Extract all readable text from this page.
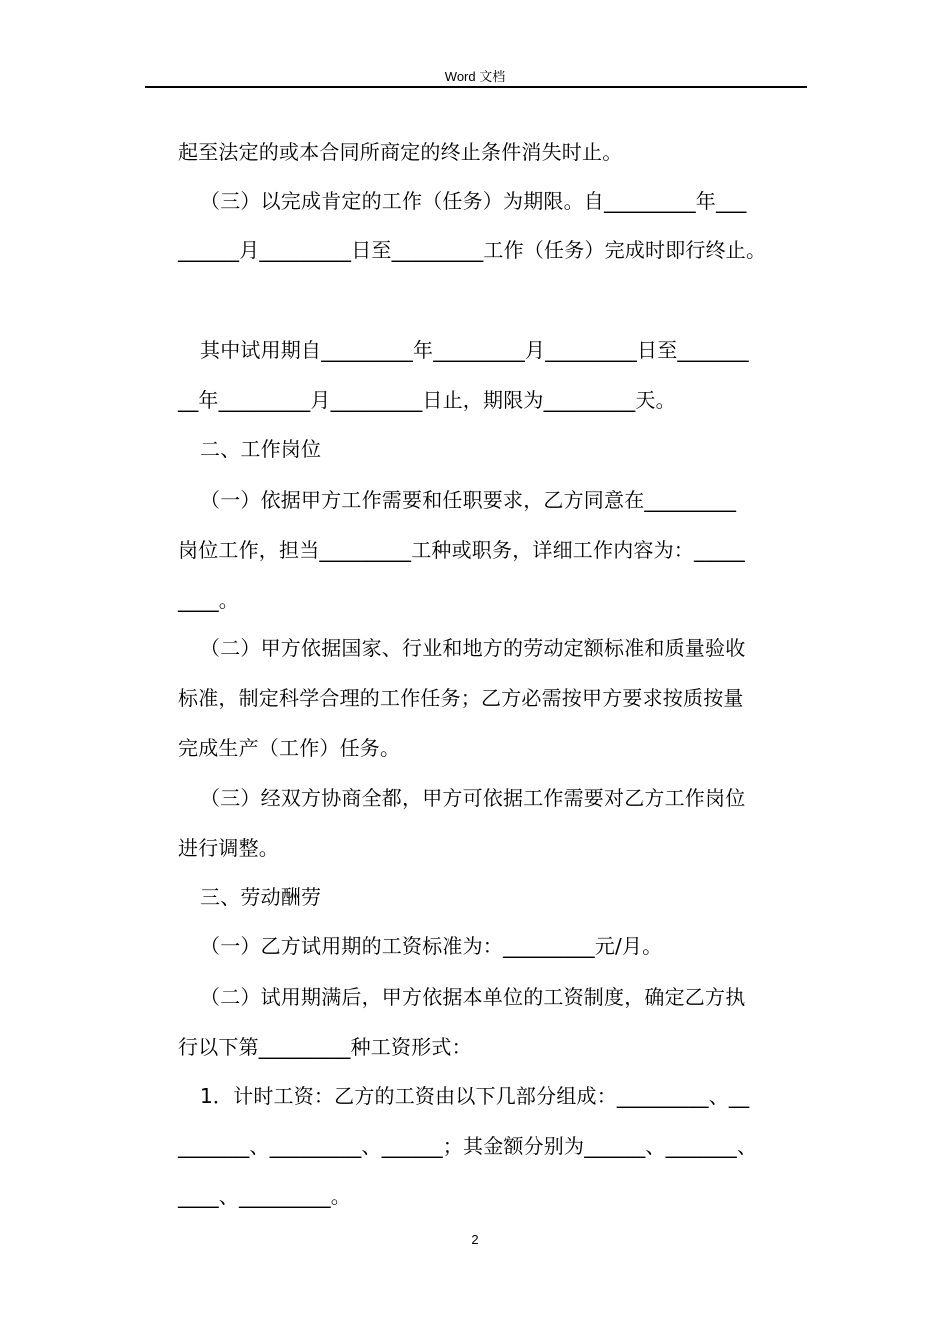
Word 文档
起至法定的或本合同所商定的终止条件消失时止。
（三）以完成肯定的工作（任务）为期限。自_________年___
______月_________日至_________工作（任务）完成时即行终止。
其中试用期自_________年_________月_________日至_______
__年_________月_________日止，期限为_________天。
二、工作岗位
（一）依据甲方工作需要和任职要求，乙方同意在_________
岗位工作，担当_________工种或职务，详细工作内容为：_____
____。
（二）甲方依据国家、行业和地方的劳动定额标准和质量验收
标准，制定科学合理的工作任务；乙方必需按甲方要求按质按量
完成生产（工作）任务。
（三）经双方协商全都，甲方可依据工作需要对乙方工作岗位
进行调整。
三、劳动酬劳
（一）乙方试用期的工资标准为：_________元/月。
（二）试用期满后，甲方依据本单位的工资制度，确定乙方执
行以下第_________种工资形式：
1．计时工资：乙方的工资由以下几部分组成：_________、__
_______、_________、______；其金额分别为______、_______、
____、_________。
2
